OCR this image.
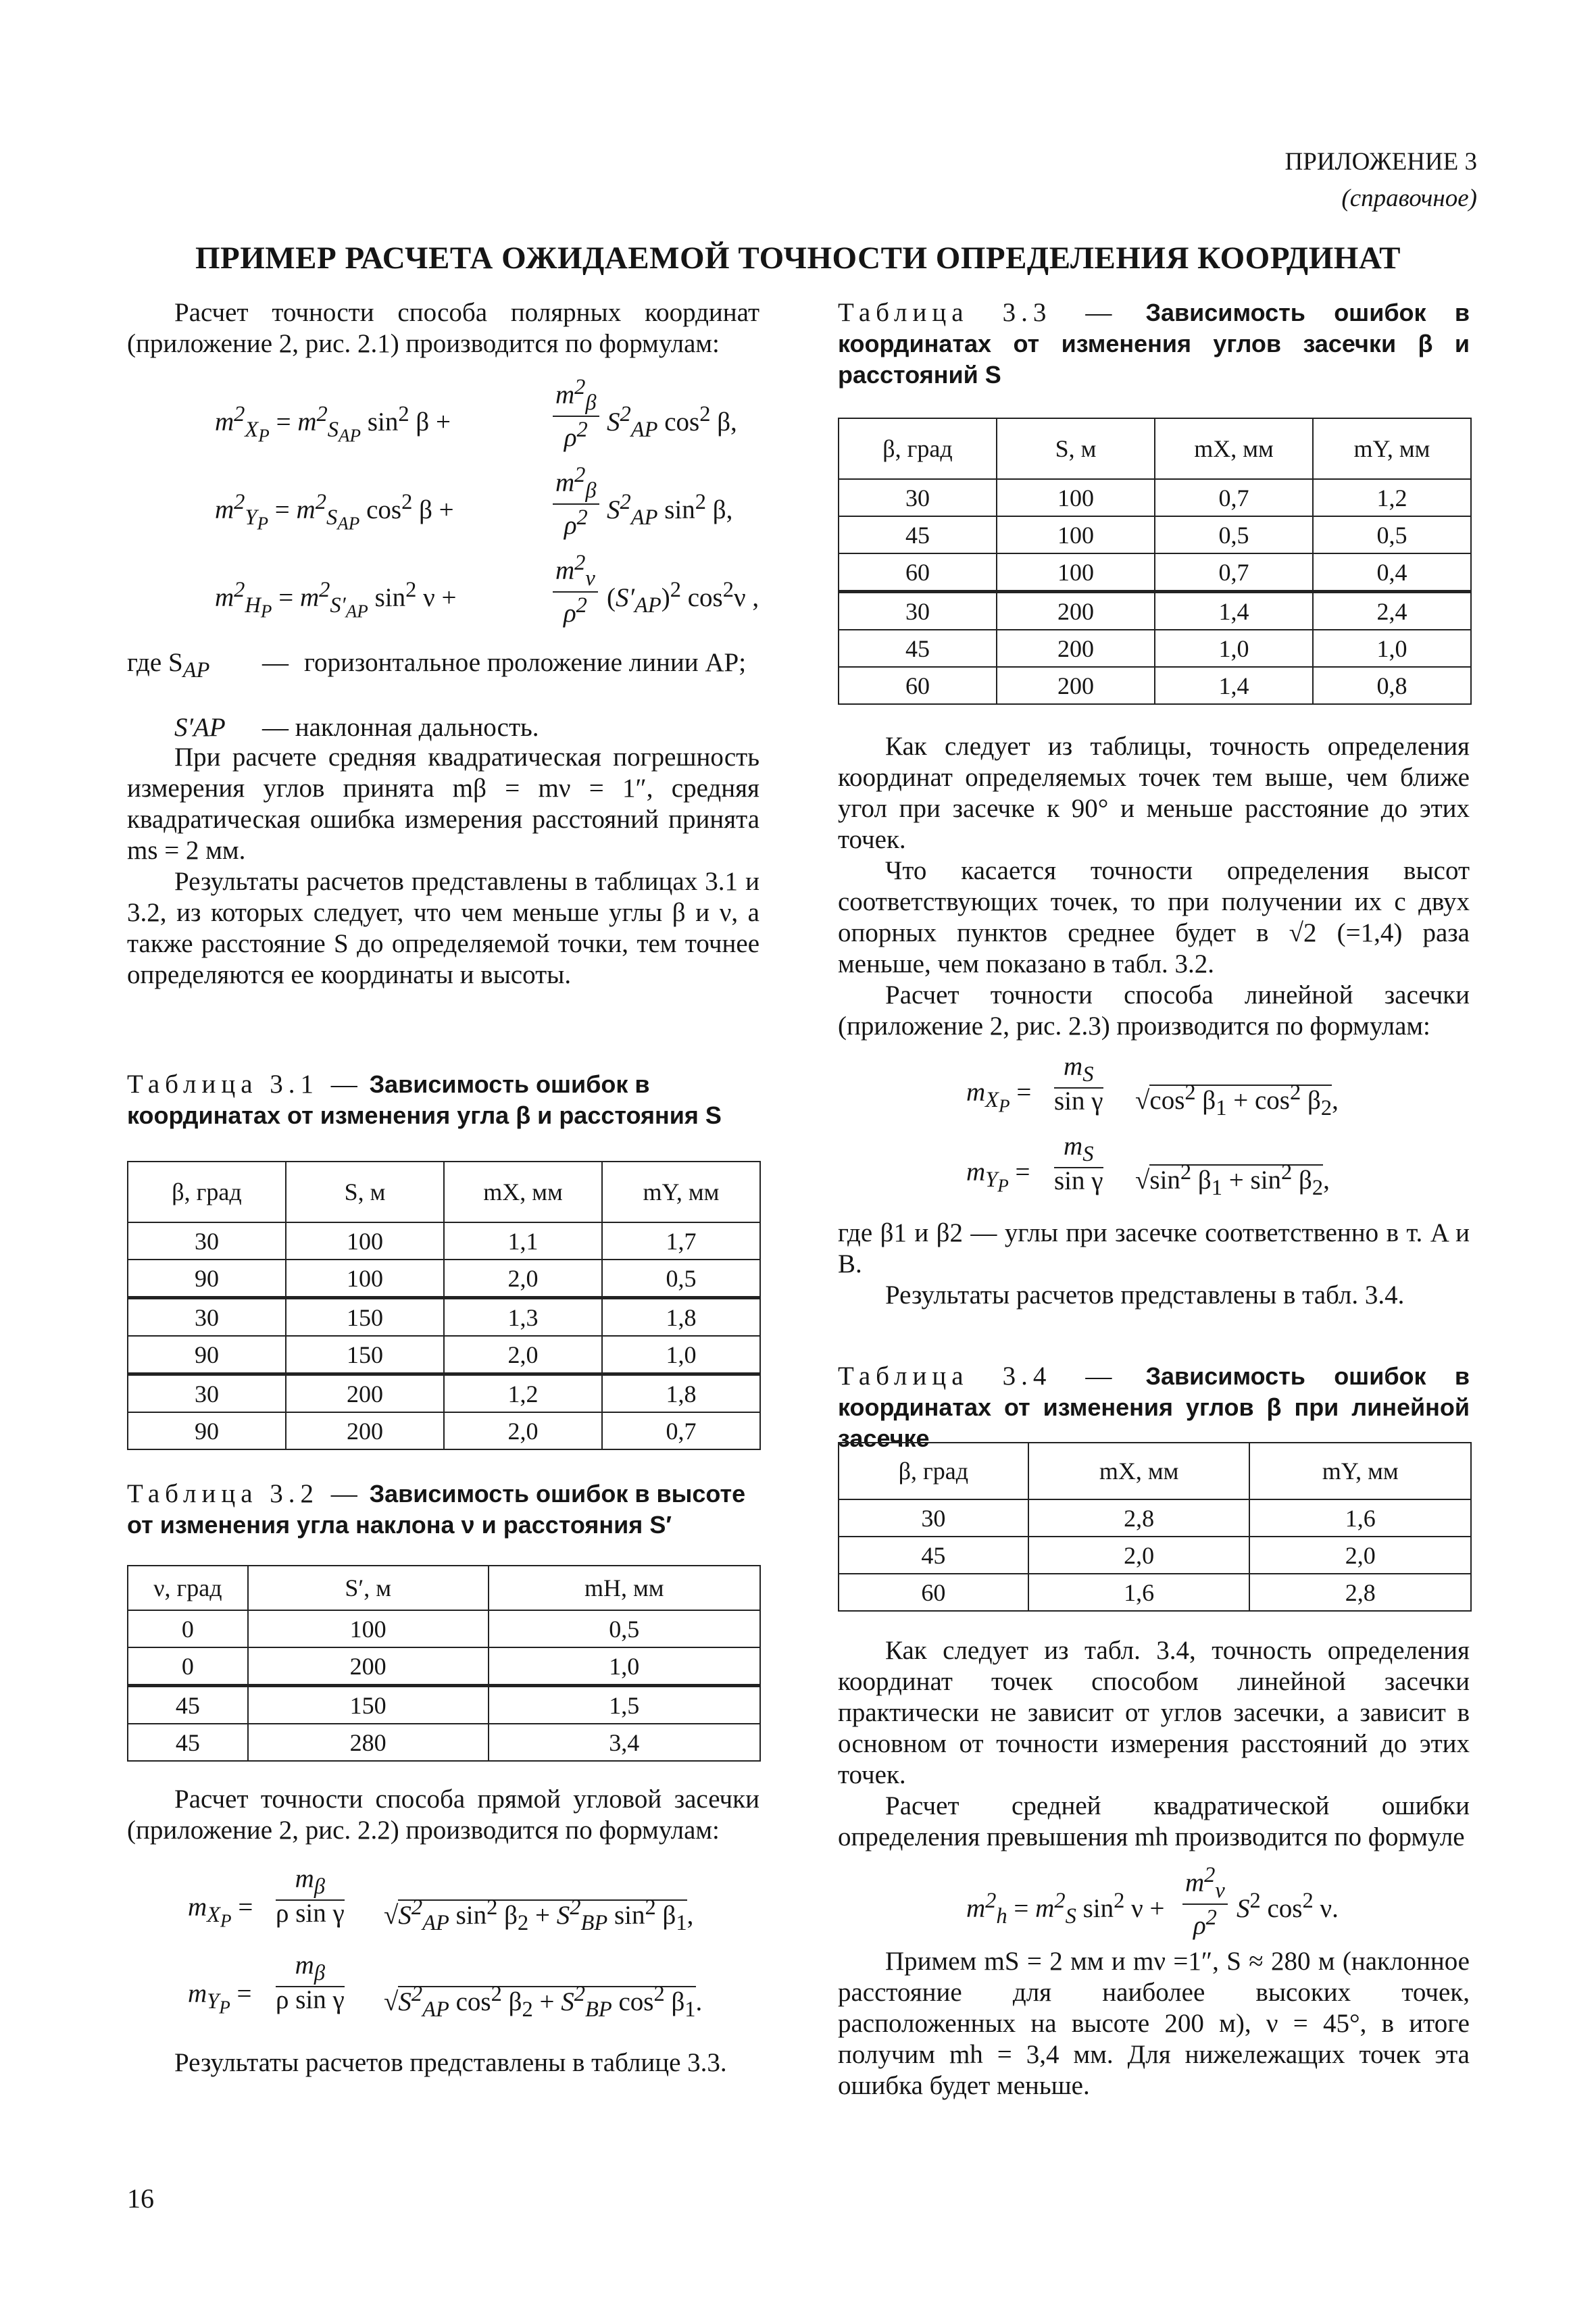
ПРИЛОЖЕНИЕ 3
(справочное)
ПРИМЕР РАСЧЕТА ОЖИДАЕМОЙ ТОЧНОСТИ ОПРЕДЕЛЕНИЯ КООРДИНАТ

Расчет точности способа полярных координат (приложение 2, рис. 2.1) производится по формулам:

$m^2_{X_P} = m^2_{S_{AP}}$ $\sin^2 \beta$ +	$\frac{m^2_\beta}{\rho^2} S^2_{AP}$ $\cos^2 \beta$,
$m^2_{Y_P} = m^2_{S_{AP}}$ $\cos^2 \beta$ +	$\frac{m^2_\beta}{\rho^2} S^2_{AP}$ $\sin^2 \beta$,
$m^2_{H_P} = m^2_{S'_{AP}}$ $\sin^2 \nu$ +	$\frac{m^2_\nu}{\rho^2} (S'_{AP})^2$ $\cos^2\nu$ ,
где $S_{AP}$ — горизонтальное проложение линии AP;
S′AP — наклонная дальность.

При расчете средняя квадратическая погрешность измерения углов принята mβ = mν = 1″, средняя квадратическая ошибка измерения расстояний принята ms = 2 мм.

Результаты расчетов представлены в таблицах 3.1 и 3.2, из которых следует, что чем меньше углы β и ν, а также расстояние S до определяемой точки, тем точнее определяются ее координаты и высоты.

Таблица 3.1 — Зависимость ошибок в координатах от изменения угла β и расстояния S

β, град	S, м	mX, мм	mY, мм
30	100	1,1	1,7
90	100	2,0	0,5
30	150	1,3	1,8
90	150	2,0	1,0
30	200	1,2	1,8
90	200	2,0	0,7

Таблица 3.2 — Зависимость ошибок в высоте от изменения угла наклона ν и расстояния S′

ν, град	S′, м	mH, мм
0	100	0,5
0	200	1,0
45	150	1,5
45	280	3,4

Расчет точности способа прямой угловой засечки (приложение 2, рис. 2.2) производится по формулам:

$m_{X_P} = \frac{m_\beta}{\text{ρ sin γ}} √S^2_{AP}$ $\sin^2 \beta_2 + S^2_{BP}$ $\sin^2 \beta_1$,
$m_{Y_P} = \frac{m_\beta}{\text{ρ sin γ}} √S^2_{AP}$ $\cos^2 \beta_2 + S^2_{BP}$ $\cos^2 \beta_1$.

Результаты расчетов представлены в таблице 3.3.

Таблица 3.3 — Зависимость ошибок в координатах от изменения углов засечки β и расстояний S

β, град	S, м	mX, мм	mY, мм
30	100	0,7	1,2
45	100	0,5	0,5
60	100	0,7	0,4
30	200	1,4	2,4
45	200	1,0	1,0
60	200	1,4	0,8

Как следует из таблицы, точность определения координат определяемых точек тем выше, чем ближе угол при засечке к 90° и меньше расстояние до этих точек.

Что касается точности определения высот соответствующих точек, то при получении их с двух опорных пунктов среднее будет в √2 (=1,4) раза меньше, чем показано в табл. 3.2.

Расчет точности способа линейной засечки (приложение 2, рис. 2.3) производится по формулам:

$m_{X_P} = \frac{m_S}{\text{sin γ}} √\cos^2$ $\beta_1 + \cos^2 \beta_2$,
$m_{Y_P} = \frac{m_S}{\text{sin γ}} √\sin^2$ $\beta_1 + \sin^2 \beta_2$,

где β1 и β2 — углы при засечке соответственно в т. A и B.

Результаты расчетов представлены в табл. 3.4.

Таблица 3.4 — Зависимость ошибок в координатах от изменения углов β при линейной засечке

β, град	mX, мм	mY, мм
30	2,8	1,6
45	2,0	2,0
60	1,6	2,8

Как следует из табл. 3.4, точность определения координат точек способом линейной засечки практически не зависит от углов засечки, а зависит в основном от точности измерения расстояний до этих точек.

Расчет средней квадратической ошибки определения превышения mh производится по формуле

$m^2_h = m^2_S$ $\sin^2 \nu + \frac{m^2_\nu}{\rho^2} S^2$ $\cos^2 \nu$.

Примем mS = 2 мм и mν =1″, S ≈ 280 м (наклонное расстояние для наиболее высоких точек, расположенных на высоте 200 м), ν = 45°, в итоге получим mh = 3,4 мм. Для нижележащих точек эта ошибка будет меньше.

16
